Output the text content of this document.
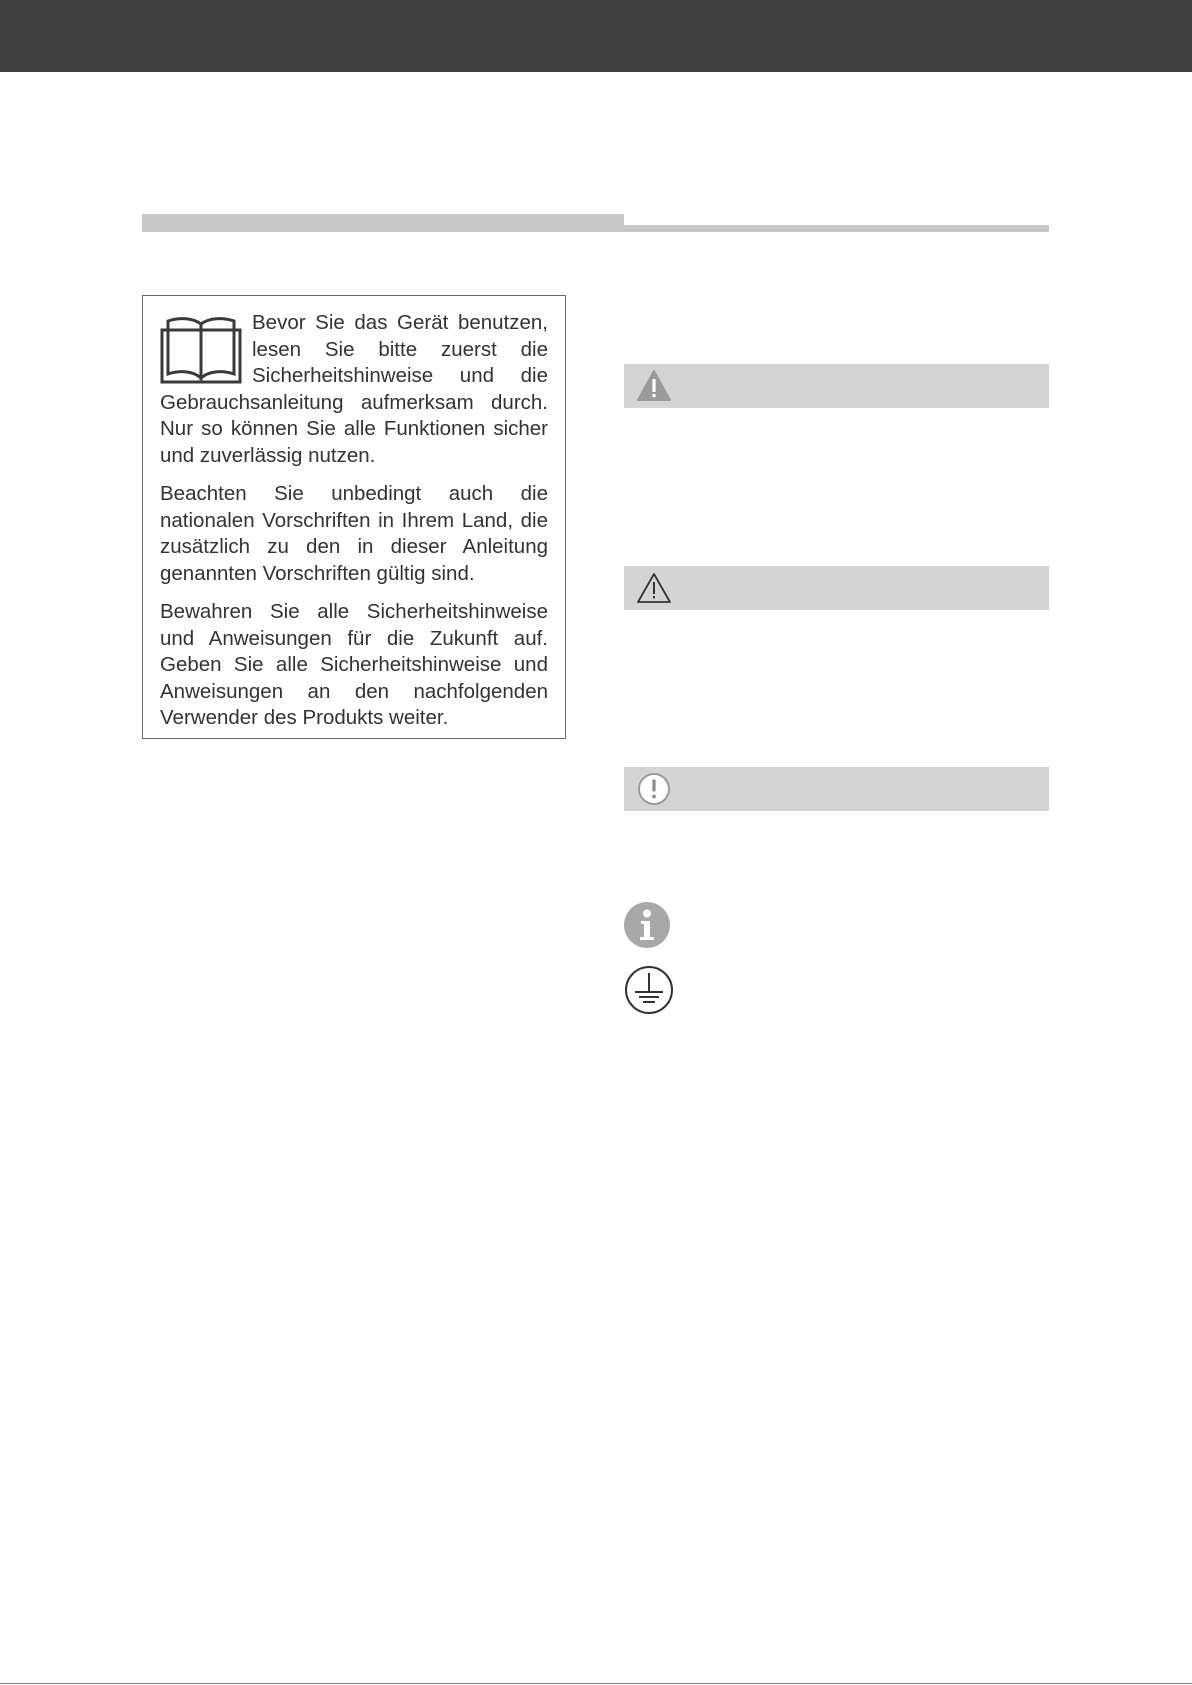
Bevor Sie das Gerät benutzen, lesen Sie bitte zuerst die Sicherheitshinweise und die Gebrauchsanleitung aufmerksam durch. Nur so können Sie alle Funktionen sicher und zuverlässig nutzen.

Beachten Sie unbedingt auch die nationalen Vorschriften in Ihrem Land, die zusätzlich zu den in dieser Anleitung genannten Vorschriften gültig sind.

Bewahren Sie alle Sicherheitshinweise und Anweisungen für die Zukunft auf. Geben Sie alle Sicherheitshinweise und Anweisungen an den nachfolgenden Verwender des Produkts weiter.
